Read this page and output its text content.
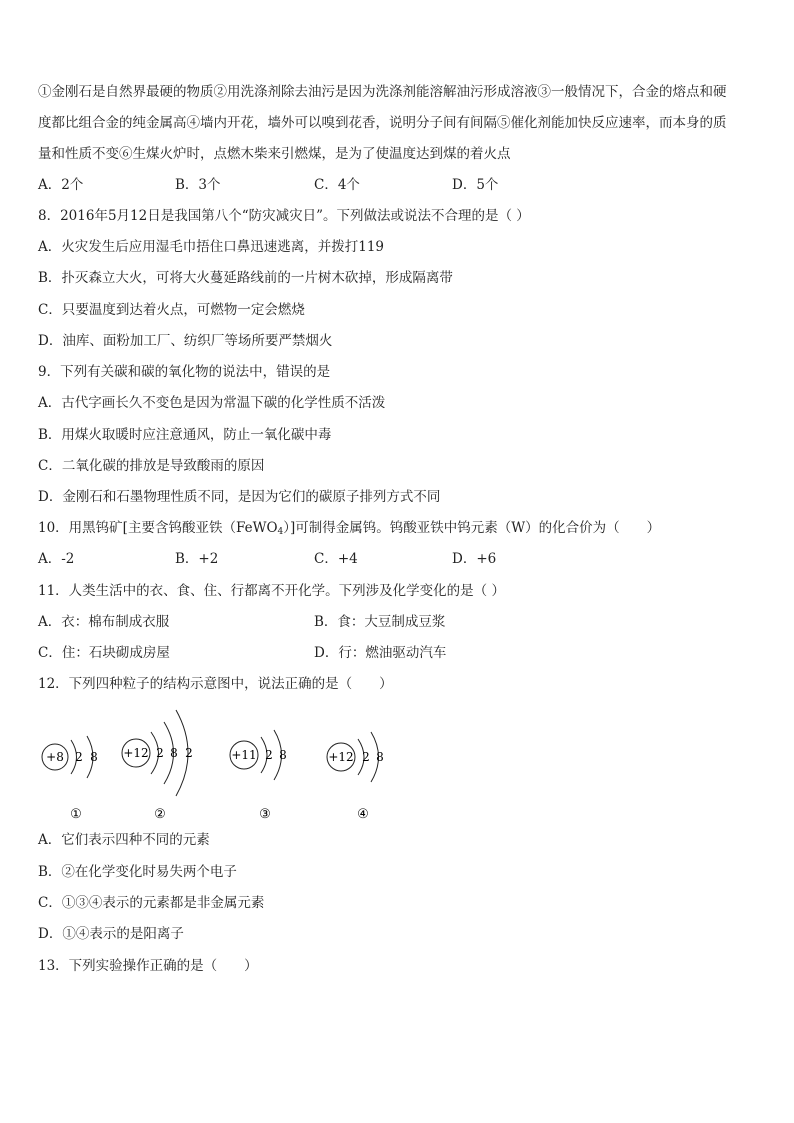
①金刚石是自然界最硬的物质②用洗涤剂除去油污是因为洗涤剂能溶解油污形成溶液③一般情况下，合金的熔点和硬
度都比组合金的纯金属高④墙内开花，墙外可以嗅到花香，说明分子间有间隔⑤催化剂能加快反应速率，而本身的质
量和性质不变⑥生煤火炉时，点燃木柴来引燃煤，是为了使温度达到煤的着火点
A．2个	B．3个	C．4个	D．5个
8．2016年5月12日是我国第八个“防灾减灾日”。下列做法或说法不合理的是（ ）
A．火灾发生后应用湿毛巾捂住口鼻迅速逃离，并拨打119
B．扑灭森立大火，可将大火蔓延路线前的一片树木砍掉，形成隔离带
C．只要温度到达着火点，可燃物一定会燃烧
D．油库、面粉加工厂、纺织厂等场所要严禁烟火
9．下列有关碳和碳的氧化物的说法中，错误的是
A．古代字画长久不变色是因为常温下碳的化学性质不活泼
B．用煤火取暖时应注意通风，防止一氧化碳中毒
C．二氧化碳的排放是导致酸雨的原因
D．金刚石和石墨物理性质不同，是因为它们的碳原子排列方式不同
10．用黑钨矿[主要含钨酸亚铁（FeWO$_4$）]可制得金属钨。钨酸亚铁中钨元素（W）的化合价为（　　）
A．-2	B．+2	C．+4	D．+6
11．人类生活中的衣、食、住、行都离不开化学。下列涉及化学变化的是（ ）
A．衣：棉布制成衣服	B．食：大豆制成豆浆
C．住：石块砌成房屋	D．行：燃油驱动汽车
12．下列四种粒子的结构示意图中，说法正确的是（　　）
+8 2 8
①
+12 2 8 2
②
+11 2 8
③
+12 2 8
④
A．它们表示四种不同的元素
B．②在化学变化时易失两个电子
C．①③④表示的元素都是非金属元素
D．①④表示的是阳离子
13．下列实验操作正确的是（　　）
